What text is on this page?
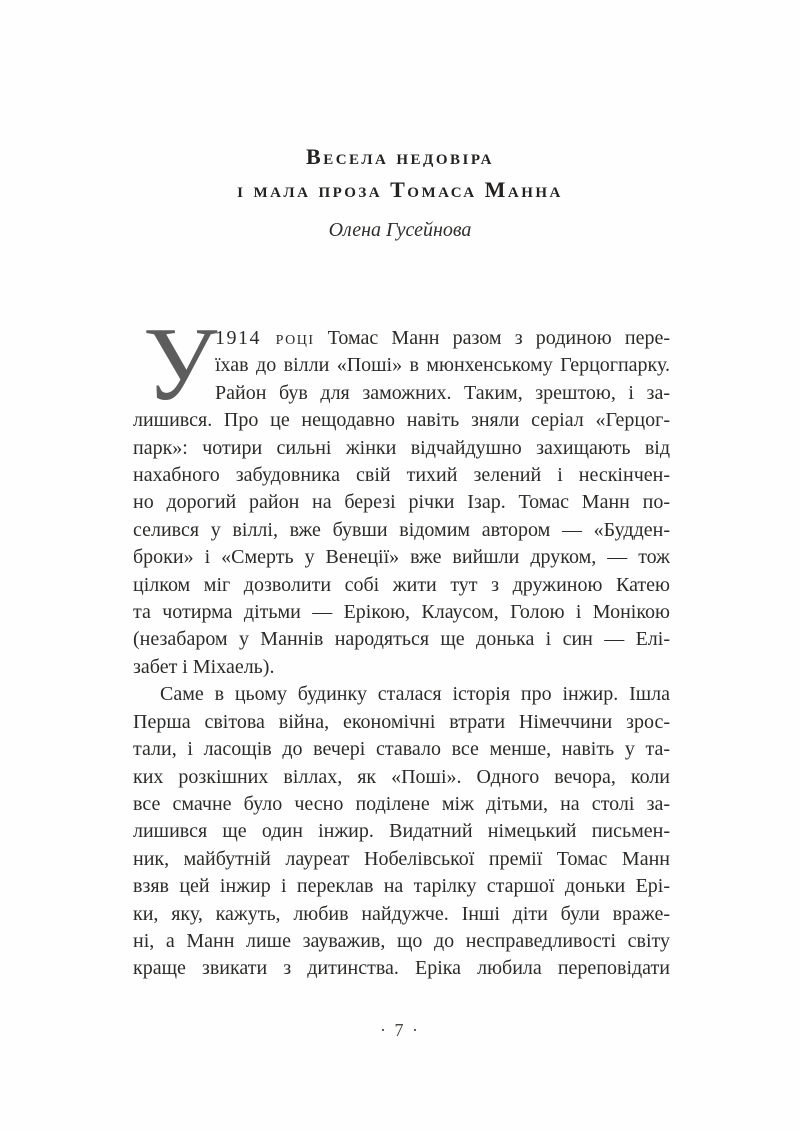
Весела недовіра
і мала проза Томаса Манна
Олена Гусейнова
У
1914 році Томас Манн разом з родиною пере-
їхав до вілли «Поші» в мюнхенському Герцогпарку.
Район був для заможних. Таким, зрештою, і за-
лишився. Про це нещодавно навіть зняли серіал «Герцог-
парк»: чотири сильні жінки відчайдушно захищають від
нахабного забудовника свій тихий зелений і нескінчен-
но дорогий район на березі річки Ізар. Томас Манн по-
селився у віллі, вже бувши відомим автором — «Будден-
броки» і «Смерть у Венеції» вже вийшли друком, — тож
цілком міг дозволити собі жити тут з дружиною Катею
та чотирма дітьми — Ерікою, Клаусом, Голою і Монікою
(незабаром у Маннів народяться ще донька і син — Елі-
забет і Міхаель).
Саме в цьому будинку сталася історія про інжир. Ішла
Перша світова війна, економічні втрати Німеччини зрос-
тали, і ласощів до вечері ставало все менше, навіть у та-
ких розкішних віллах, як «Поші». Одного вечора, коли
все смачне було чесно поділене між дітьми, на столі за-
лишився ще один інжир. Видатний німецький письмен-
ник, майбутній лауреат Нобелівської премії Томас Манн
взяв цей інжир і переклав на тарілку старшої доньки Ері-
ки, яку, кажуть, любив найдужче. Інші діти були враже-
ні, а Манн лише зауважив, що до несправедливості світу
краще звикати з дитинства. Еріка любила переповідати
· 7 ·
